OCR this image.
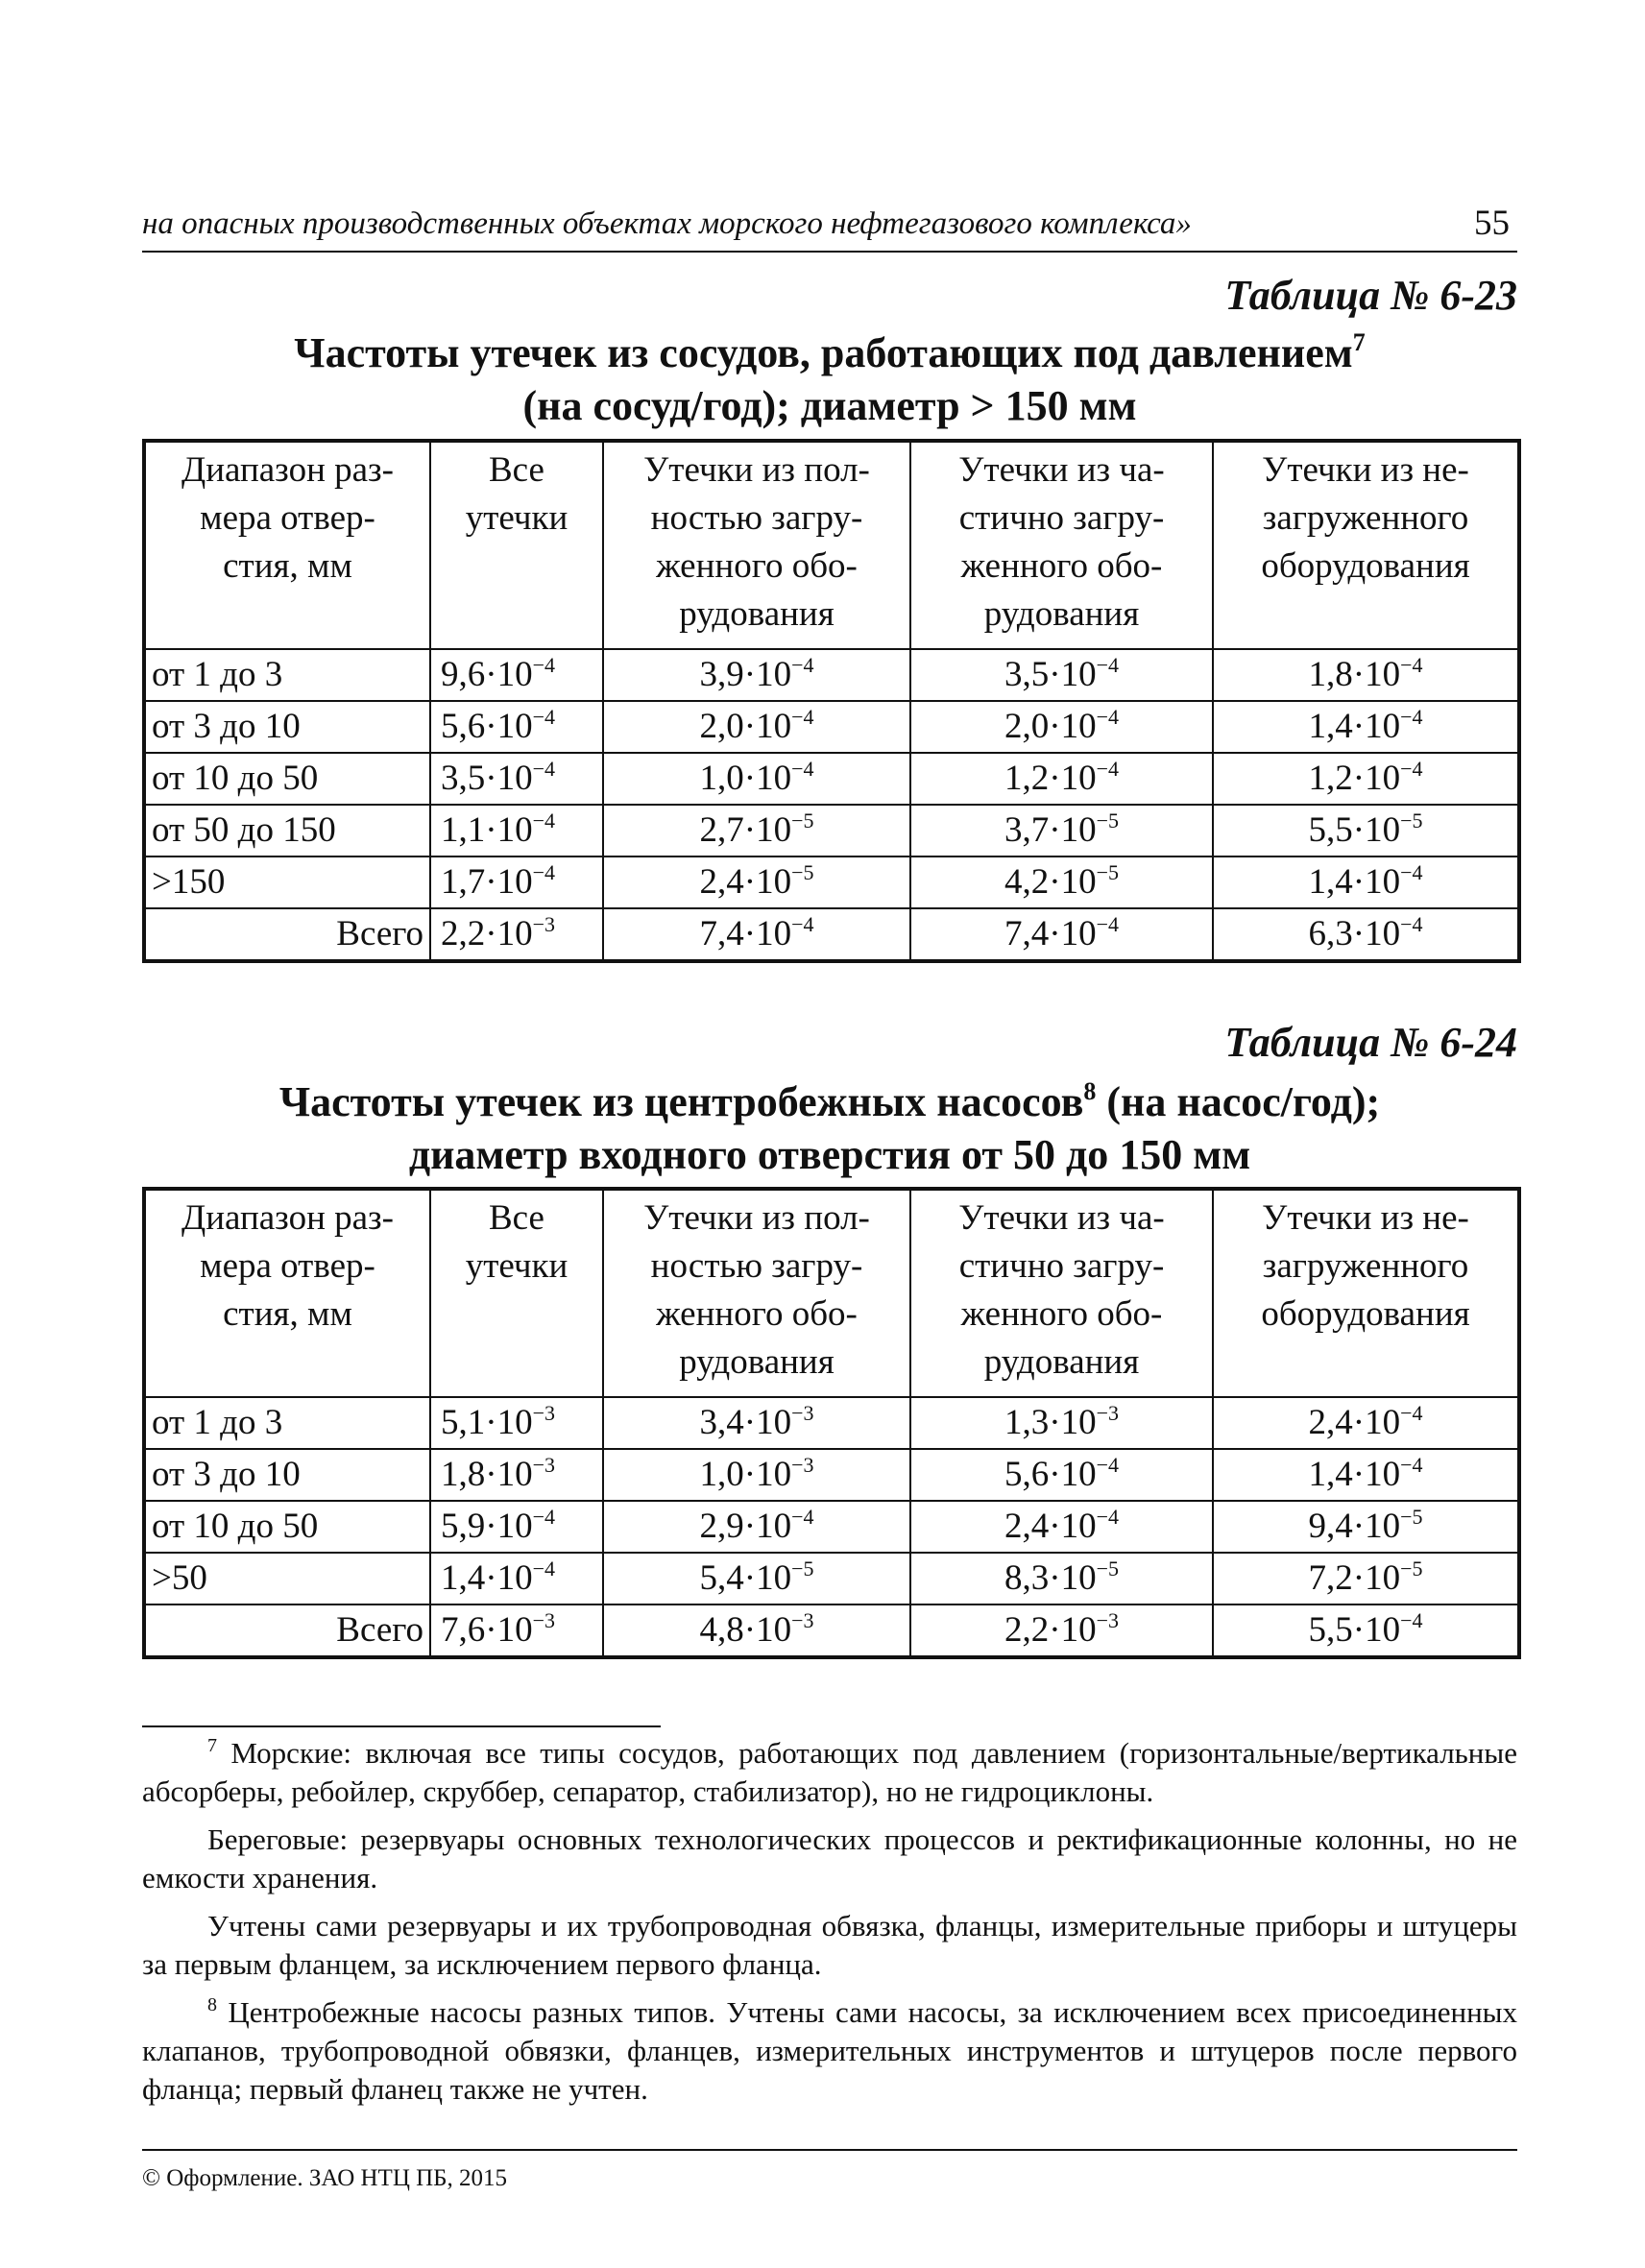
на опасных производственных объектах морского нефтегазового комплекса»	55
Таблица № 6-23
Частоты утечек из сосудов, работающих под давлением$^7$
(на сосуд/год); диаметр > 150 мм
Диапазон раз-
мера отвер-
стия, мм	Все
утечки	Утечки из пол-
ностью загру-
женного обо-
рудования	Утечки из ча-
стично загру-
женного обо-
рудования	Утечки из не-
загруженного
оборудования
от 1 до 3	$9,6\cdot 10^{-4}$	$3,9\cdot 10^{-4}$	$3,5\cdot 10^{-4}$	$1,8\cdot 10^{-4}$
от 3 до 10	$5,6\cdot 10^{-4}$	$2,0\cdot 10^{-4}$	$2,0\cdot 10^{-4}$	$1,4\cdot 10^{-4}$
от 10 до 50	$3,5\cdot 10^{-4}$	$1,0\cdot 10^{-4}$	$1,2\cdot 10^{-4}$	$1,2\cdot 10^{-4}$
от 50 до 150	$1,1\cdot 10^{-4}$	$2,7\cdot 10^{-5}$	$3,7\cdot 10^{-5}$	$5,5\cdot 10^{-5}$
>150	$1,7\cdot 10^{-4}$	$2,4\cdot 10^{-5}$	$4,2\cdot 10^{-5}$	$1,4\cdot 10^{-4}$
Всего	$2,2\cdot 10^{-3}$	$7,4\cdot 10^{-4}$	$7,4\cdot 10^{-4}$	$6,3\cdot 10^{-4}$
Таблица № 6-24
Частоты утечек из центробежных насосов$^8$ (на насос/год);
диаметр входного отверстия от 50 до 150 мм
Диапазон раз-
мера отвер-
стия, мм	Все
утечки	Утечки из пол-
ностью загру-
женного обо-
рудования	Утечки из ча-
стично загру-
женного обо-
рудования	Утечки из не-
загруженного
оборудования
от 1 до 3	$5,1\cdot 10^{-3}$	$3,4\cdot 10^{-3}$	$1,3\cdot 10^{-3}$	$2,4\cdot 10^{-4}$
от 3 до 10	$1,8\cdot 10^{-3}$	$1,0\cdot 10^{-3}$	$5,6\cdot 10^{-4}$	$1,4\cdot 10^{-4}$
от 10 до 50	$5,9\cdot 10^{-4}$	$2,9\cdot 10^{-4}$	$2,4\cdot 10^{-4}$	$9,4\cdot 10^{-5}$
>50	$1,4\cdot 10^{-4}$	$5,4\cdot 10^{-5}$	$8,3\cdot 10^{-5}$	$7,2\cdot 10^{-5}$
Всего	$7,6\cdot 10^{-3}$	$4,8\cdot 10^{-3}$	$2,2\cdot 10^{-3}$	$5,5\cdot 10^{-4}$

$^7$ Морские: включая все типы сосудов, работающих под давлением (горизонтальные/вертикальные абсорберы, ребойлер, скруббер, сепаратор, стабилизатор), но не гидроциклоны.

Береговые: резервуары основных технологических процессов и ректификационные колонны, но не емкости хранения.

Учтены сами резервуары и их трубопроводная обвязка, фланцы, измерительные приборы и штуцеры за первым фланцем, за исключением первого фланца.

$^8$ Центробежные насосы разных типов. Учтены сами насосы, за исключением всех присоединенных клапанов, трубопроводной обвязки, фланцев, измерительных инструментов и штуцеров после первого фланца; первый фланец также не учтен.

© Оформление. ЗАО НТЦ ПБ, 2015
